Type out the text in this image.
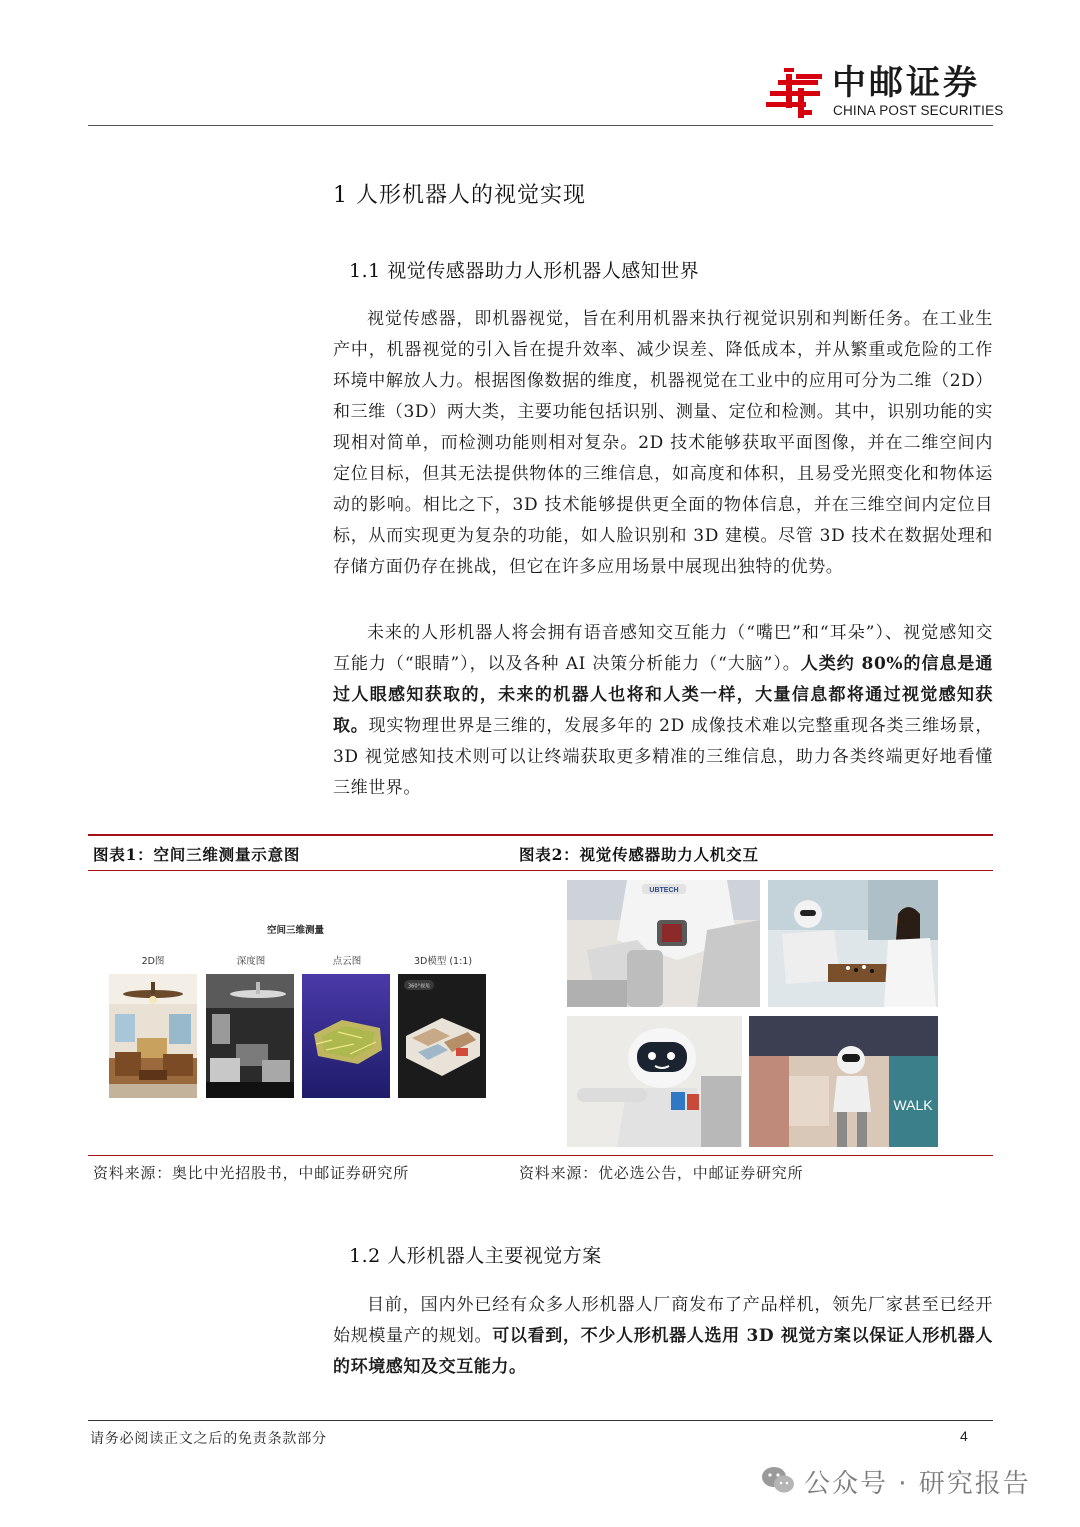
中邮证券
CHINA POST SECURITIES
1 人形机器人的视觉实现
1.1 视觉传感器助力人形机器人感知世界

视觉传感器，即机器视觉，旨在利用机器来执行视觉识别和判断任务。在工业生产中，机器视觉的引入旨在提升效率、减少误差、降低成本，并从繁重或危险的工作环境中解放人力。根据图像数据的维度，机器视觉在工业中的应用可分为二维（2D）和三维（3D）两大类，主要功能包括识别、测量、定位和检测。其中，识别功能的实现相对简单，而检测功能则相对复杂。2D 技术能够获取平面图像，并在二维空间内定位目标，但其无法提供物体的三维信息，如高度和体积，且易受光照变化和物体运动的影响。相比之下，3D 技术能够提供更全面的物体信息，并在三维空间内定位目标，从而实现更为复杂的功能，如人脸识别和 3D 建模。尽管 3D 技术在数据处理和存储方面仍存在挑战，但它在许多应用场景中展现出独特的优势。

未来的人形机器人将会拥有语音感知交互能力（“嘴巴”和“耳朵”）、视觉感知交互能力（“眼睛”），以及各种 AI 决策分析能力（“大脑”）。人类约 80%的信息是通过人眼感知获取的，未来的机器人也将和人类一样，大量信息都将通过视觉感知获取。现实物理世界是三维的，发展多年的 2D 成像技术难以完整重现各类三维场景，3D 视觉感知技术则可以让终端获取更多精准的三维信息，助力各类终端更好地看懂三维世界。

图表1：空间三维测量示意图	图表2：视觉传感器助力人机交互
空间三维测量
2D图	深度图	点云图	3D模型 (1:1)
360°视角
UBTECH
WALK
资料来源：奥比中光招股书，中邮证券研究所	资料来源：优必选公告，中邮证券研究所
1.2 人形机器人主要视觉方案

目前，国内外已经有众多人形机器人厂商发布了产品样机，领先厂家甚至已经开始规模量产的规划。可以看到，不少人形机器人选用 3D 视觉方案以保证人形机器人的环境感知及交互能力。

请务必阅读正文之后的免责条款部分	4
公众号 · 研究报告
